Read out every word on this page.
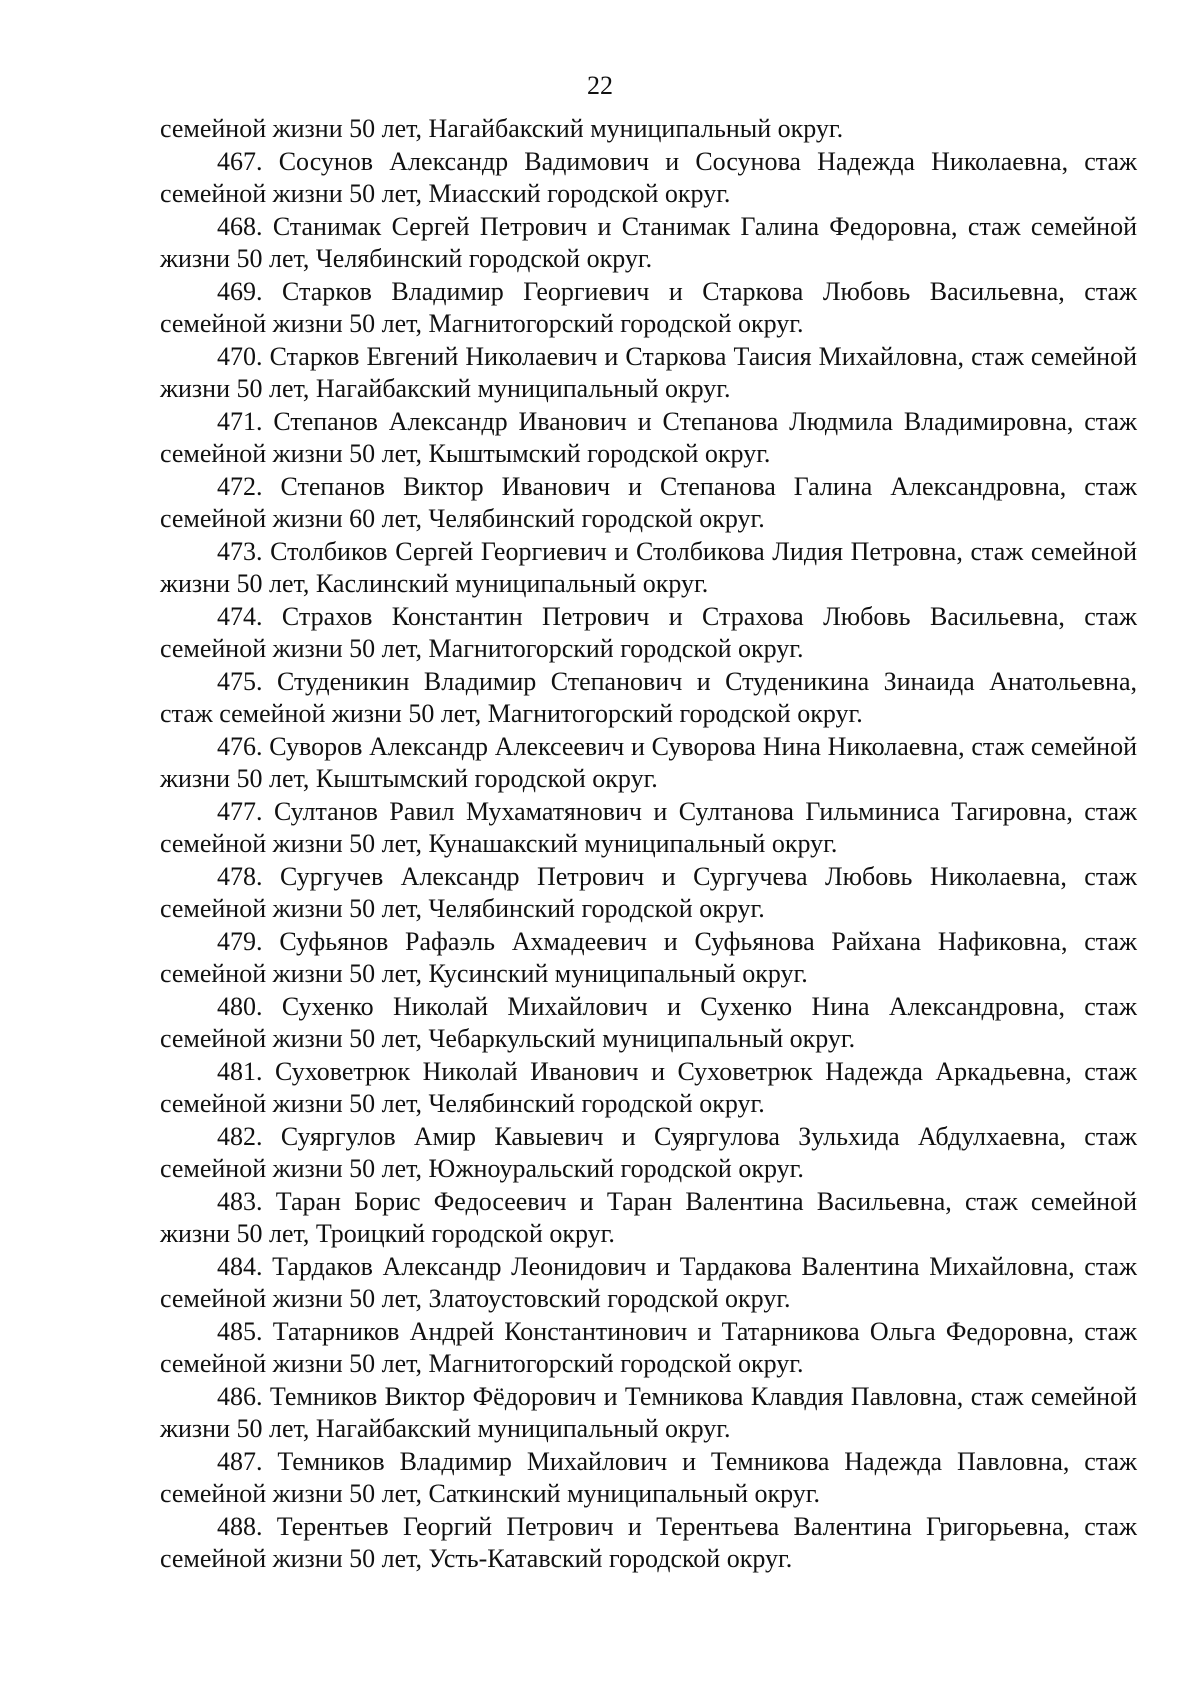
22

семейной жизни 50 лет, Нагайбакский муниципальный округ.

467. Сосунов Александр Вадимович и Сосунова Надежда Николаевна, стаж семейной жизни 50 лет, Миасский городской округ.

468. Станимак Сергей Петрович и Станимак Галина Федоровна, стаж семейной жизни 50 лет, Челябинский городской округ.

469. Старков Владимир Георгиевич и Старкова Любовь Васильевна, стаж семейной жизни 50 лет, Магнитогорский городской округ.

470. Старков Евгений Николаевич и Старкова Таисия Михайловна, стаж семейной жизни 50 лет, Нагайбакский муниципальный округ.

471. Степанов Александр Иванович и Степанова Людмила Владимировна, стаж семейной жизни 50 лет, Кыштымский городской округ.

472. Степанов Виктор Иванович и Степанова Галина Александровна, стаж семейной жизни 60 лет, Челябинский городской округ.

473. Столбиков Сергей Георгиевич и Столбикова Лидия Петровна, стаж семейной жизни 50 лет, Каслинский муниципальный округ.

474. Страхов Константин Петрович и Страхова Любовь Васильевна, стаж семейной жизни 50 лет, Магнитогорский городской округ.

475. Студеникин Владимир Степанович и Студеникина Зинаида Анатольевна, стаж семейной жизни 50 лет, Магнитогорский городской округ.

476. Суворов Александр Алексеевич и Суворова Нина Николаевна, стаж семейной жизни 50 лет, Кыштымский городской округ.

477. Султанов Равил Мухаматянович и Султанова Гильминиса Тагировна, стаж семейной жизни 50 лет, Кунашакский муниципальный округ.

478. Сургучев Александр Петрович и Сургучева Любовь Николаевна, стаж семейной жизни 50 лет, Челябинский городской округ.

479. Суфьянов Рафаэль Ахмадеевич и Суфьянова Райхана Нафиковна, стаж семейной жизни 50 лет, Кусинский муниципальный округ.

480. Сухенко Николай Михайлович и Сухенко Нина Александровна, стаж семейной жизни 50 лет, Чебаркульский муниципальный округ.

481. Суховетрюк Николай Иванович и Суховетрюк Надежда Аркадьевна, стаж семейной жизни 50 лет, Челябинский городской округ.

482. Суяргулов Амир Кавыевич и Суяргулова Зульхида Абдулхаевна, стаж семейной жизни 50 лет, Южноуральский городской округ.

483. Таран Борис Федосеевич и Таран Валентина Васильевна, стаж семейной жизни 50 лет, Троицкий городской округ.

484. Тардаков Александр Леонидович и Тардакова Валентина Михайловна, стаж семейной жизни 50 лет, Златоустовский городской округ.

485. Татарников Андрей Константинович и Татарникова Ольга Федоровна, стаж семейной жизни 50 лет, Магнитогорский городской округ.

486. Темников Виктор Фёдорович и Темникова Клавдия Павловна, стаж семейной жизни 50 лет, Нагайбакский муниципальный округ.

487. Темников Владимир Михайлович и Темникова Надежда Павловна, стаж семейной жизни 50 лет, Саткинский муниципальный округ.

488. Терентьев Георгий Петрович и Терентьева Валентина Григорьевна, стаж семейной жизни 50 лет, Усть-Катавский городской округ.
